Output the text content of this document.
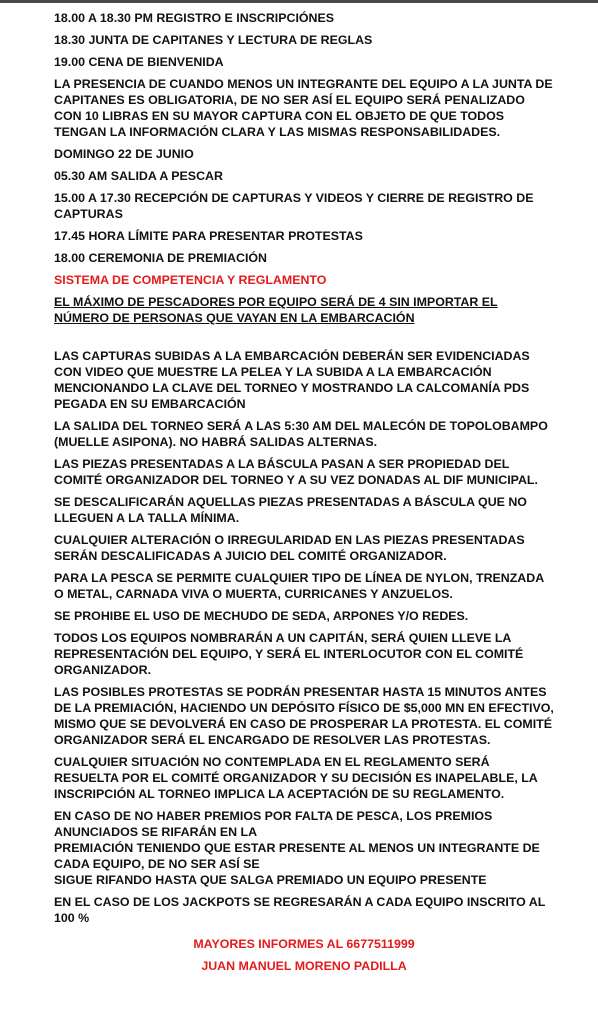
18.00 A 18.30 PM REGISTRO E INSCRIPCIÓNES
18.30 JUNTA DE CAPITANES Y LECTURA DE REGLAS
19.00 CENA DE BIENVENIDA
LA PRESENCIA DE CUANDO MENOS UN INTEGRANTE DEL EQUIPO A LA JUNTA DE CAPITANES ES OBLIGATORIA, DE NO SER ASÍ EL EQUIPO SERÁ PENALIZADO CON 10 LIBRAS EN SU MAYOR CAPTURA CON EL OBJETO DE QUE TODOS TENGAN LA INFORMACIÓN CLARA Y LAS MISMAS RESPONSABILIDADES.
DOMINGO 22 DE JUNIO
05.30 AM SALIDA A PESCAR
15.00 A 17.30 RECEPCIÓN DE CAPTURAS Y VIDEOS Y CIERRE DE REGISTRO DE CAPTURAS
17.45 HORA LÍMITE PARA PRESENTAR PROTESTAS
18.00 CEREMONIA DE PREMIACIÓN
SISTEMA DE COMPETENCIA Y REGLAMENTO
EL MÁXIMO DE PESCADORES POR EQUIPO SERÁ DE 4 SIN IMPORTAR EL NÚMERO DE PERSONAS QUE VAYAN EN LA EMBARCACIÓN
LAS CAPTURAS SUBIDAS A LA EMBARCACIÓN DEBERÁN SER EVIDENCIADAS CON VIDEO QUE MUESTRE LA PELEA Y LA SUBIDA A LA EMBARCACIÓN MENCIONANDO LA CLAVE DEL TORNEO Y MOSTRANDO LA CALCOMANÍA PDS PEGADA EN SU EMBARCACIÓN
LA SALIDA DEL TORNEO SERÁ A LAS 5:30 AM DEL MALECÓN DE TOPOLOBAMPO (MUELLE ASIPONA). NO HABRÁ SALIDAS ALTERNAS.
LAS PIEZAS PRESENTADAS A LA BÁSCULA PASAN A SER PROPIEDAD DEL COMITÉ ORGANIZADOR DEL TORNEO Y A SU VEZ DONADAS AL DIF MUNICIPAL.
SE DESCALIFICARÁN AQUELLAS PIEZAS PRESENTADAS A BÁSCULA QUE NO LLEGUEN A LA TALLA MÍNIMA.
CUALQUIER ALTERACIÓN O IRREGULARIDAD EN LAS PIEZAS PRESENTADAS SERÁN DESCALIFICADAS A JUICIO DEL COMITÉ ORGANIZADOR.
PARA LA PESCA SE PERMITE CUALQUIER TIPO DE LÍNEA DE NYLON, TRENZADA O METAL, CARNADA VIVA O MUERTA, CURRICANES Y ANZUELOS.
SE PROHIBE EL USO DE MECHUDO DE SEDA, ARPONES Y/O REDES.
TODOS LOS EQUIPOS NOMBRARÁN A UN CAPITÁN, SERÁ QUIEN LLEVE LA REPRESENTACIÓN DEL EQUIPO, Y SERÁ EL INTERLOCUTOR CON EL COMITÉ ORGANIZADOR.
LAS POSIBLES PROTESTAS SE PODRÁN PRESENTAR HASTA 15 MINUTOS ANTES DE LA PREMIACIÓN, HACIENDO UN DEPÓSITO FÍSICO DE $5,000 MN EN EFECTIVO, MISMO QUE SE DEVOLVERÁ EN CASO DE PROSPERAR LA PROTESTA. EL COMITÉ ORGANIZADOR SERÁ EL ENCARGADO DE RESOLVER LAS PROTESTAS.
CUALQUIER SITUACIÓN NO CONTEMPLADA EN EL REGLAMENTO SERÁ RESUELTA POR EL COMITÉ ORGANIZADOR Y SU DECISIÓN ES INAPELABLE, LA INSCRIPCIÓN AL TORNEO IMPLICA LA ACEPTACIÓN DE SU REGLAMENTO.
EN CASO DE NO HABER PREMIOS POR FALTA DE PESCA, LOS PREMIOS ANUNCIADOS SE RIFARÁN EN LA
PREMIACIÓN TENIENDO QUE ESTAR PRESENTE AL MENOS UN INTEGRANTE DE CADA EQUIPO, DE NO SER ASÍ SE
SIGUE RIFANDO HASTA QUE SALGA PREMIADO UN EQUIPO PRESENTE
EN EL CASO DE LOS JACKPOTS SE REGRESARÁN A CADA EQUIPO INSCRITO AL 100 %
MAYORES INFORMES AL 6677511999
JUAN MANUEL MORENO PADILLA
